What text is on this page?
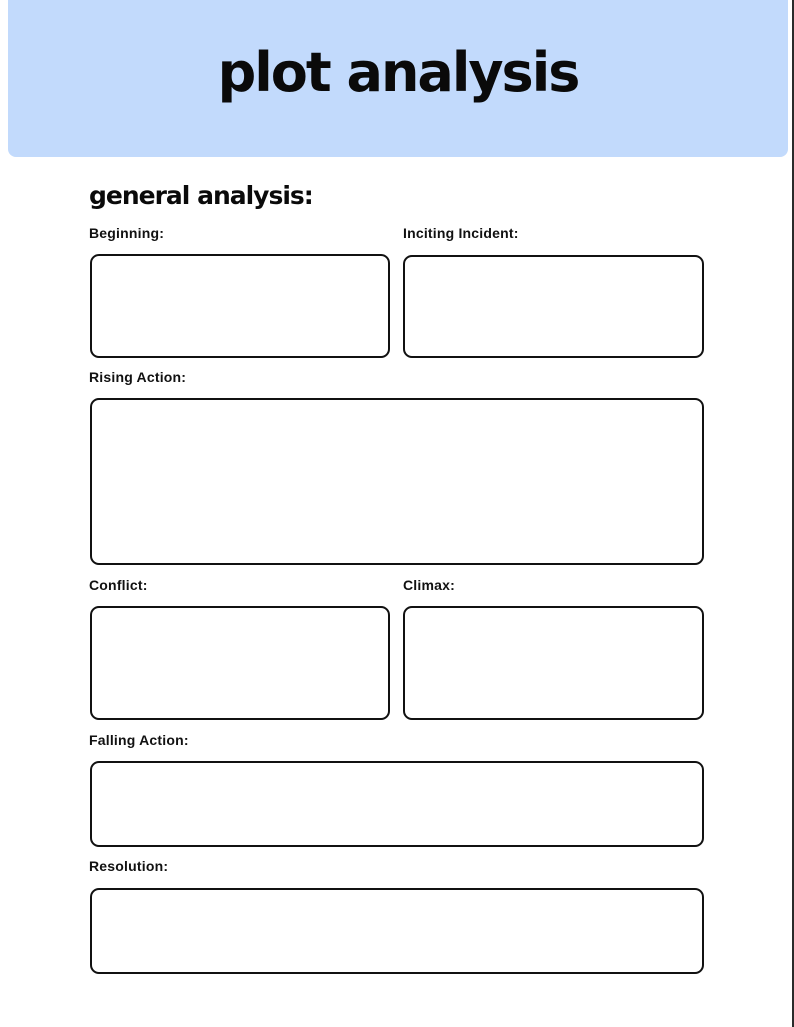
plot analysis
general analysis:
Beginning:	Inciting Incident:
Rising Action:
Conflict:	Climax:
Falling Action:
Resolution:
